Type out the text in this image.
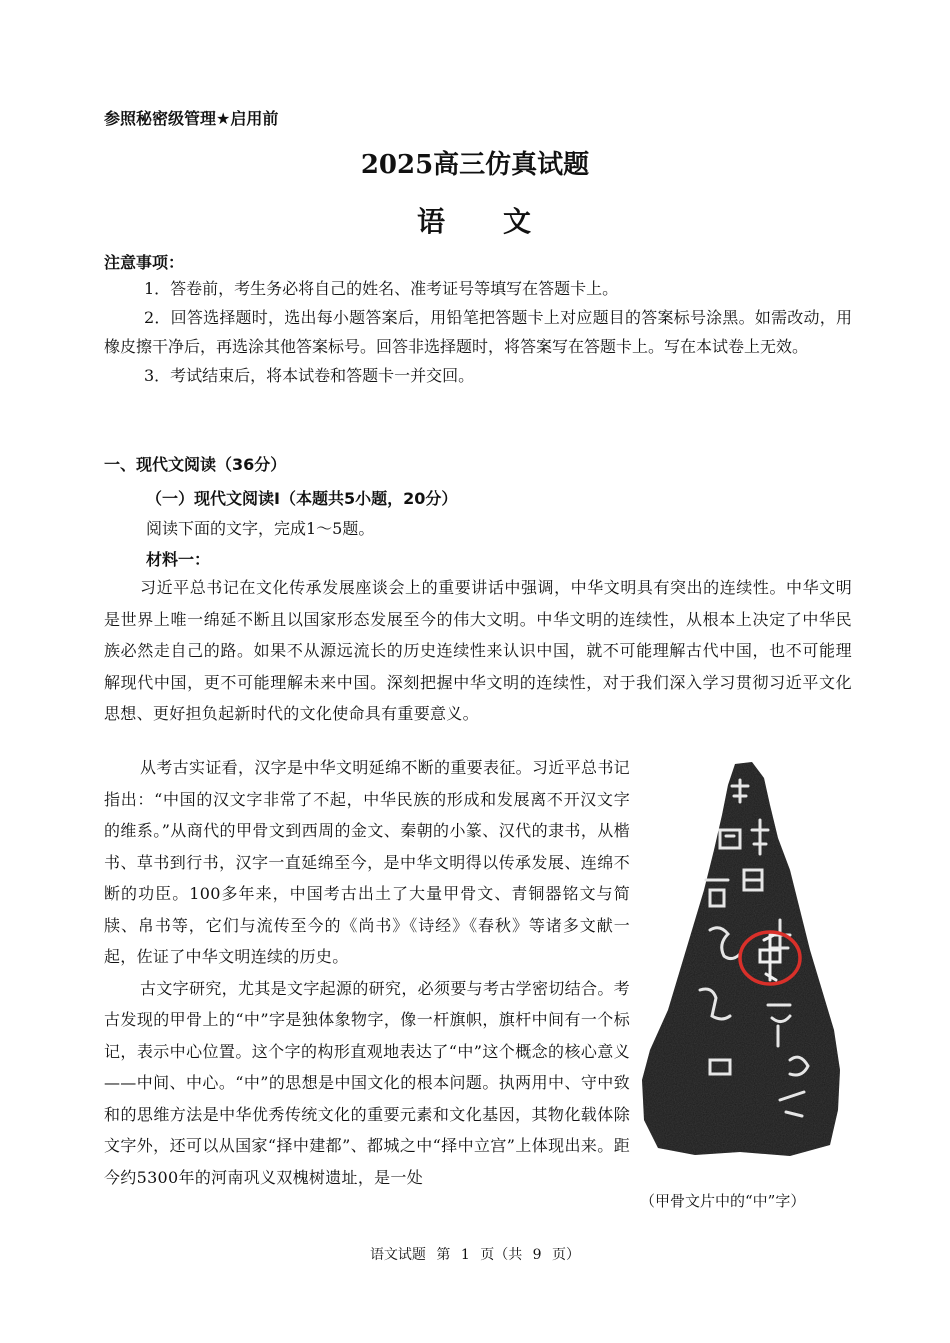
参照秘密级管理★启用前
2025高三仿真试题
语 文
注意事项：

1．答卷前，考生务必将自己的姓名、准考证号等填写在答题卡上。

2．回答选择题时，选出每小题答案后，用铅笔把答题卡上对应题目的答案标号涂黑。如需改动，用橡皮擦干净后，再选涂其他答案标号。回答非选择题时，将答案写在答题卡上。写在本试卷上无效。

3．考试结束后，将本试卷和答题卡一并交回。

一、现代文阅读（36分）
（一）现代文阅读Ⅰ（本题共5小题，20分）
阅读下面的文字，完成1～5题。
材料一：

习近平总书记在文化传承发展座谈会上的重要讲话中强调，中华文明具有突出的连续性。中华文明是世界上唯一绵延不断且以国家形态发展至今的伟大文明。中华文明的连续性，从根本上决定了中华民族必然走自己的路。如果不从源远流长的历史连续性来认识中国，就不可能理解古代中国，也不可能理解现代中国，更不可能理解未来中国。深刻把握中华文明的连续性，对于我们深入学习贯彻习近平文化思想、更好担负起新时代的文化使命具有重要意义。

从考古实证看，汉字是中华文明延绵不断的重要表征。习近平总书记指出：“中国的汉文字非常了不起，中华民族的形成和发展离不开汉文字的维系。”从商代的甲骨文到西周的金文、秦朝的小篆、汉代的隶书，从楷书、草书到行书，汉字一直延绵至今，是中华文明得以传承发展、连绵不断的功臣。100多年来，中国考古出土了大量甲骨文、青铜器铭文与简牍、帛书等，它们与流传至今的《尚书》《诗经》《春秋》等诸多文献一起，佐证了中华文明连续的历史。

古文字研究，尤其是文字起源的研究，必须要与考古学密切结合。考古发现的甲骨上的“中”字是独体象物字，像一杆旗帜，旗杆中间有一个标记，表示中心位置。这个字的构形直观地表达了“中”这个概念的核心意义——中间、中心。“中”的思想是中国文化的根本问题。执两用中、守中致和的思维方法是中华优秀传统文化的重要元素和文化基因，其物化载体除文字外，还可以从国家“择中建都”、都城之中“择中立宫”上体现出来。距今约5300年的河南巩义双槐树遗址，是一处

（甲骨文片中的“中”字）
语文试题 第 1 页（共 9 页）
